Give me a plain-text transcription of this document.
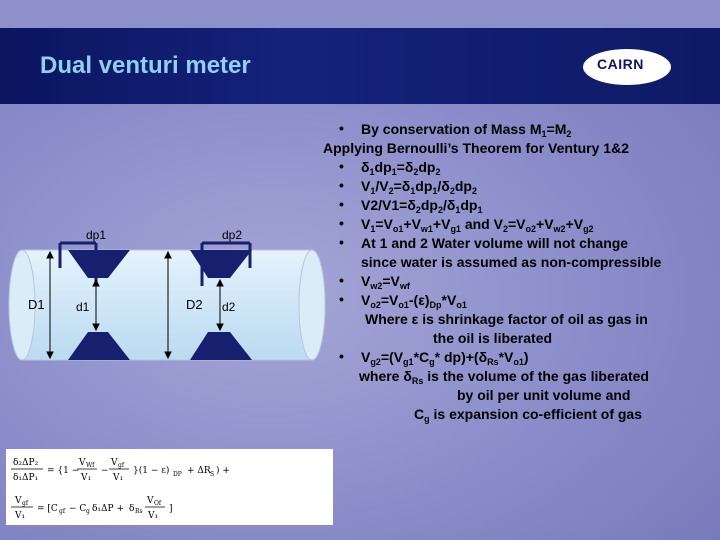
Dual venturi meter	CAIRN
dp1	dp2
D1	d1	D2 d2
δ₂ΔP₂
δ₁ΔP₁
= {1 −
V Wf
V₁
−
V gf
V₁
}(1 − ε) DP + ΔR S ) +
V gf
V₁
= [C gf − C g δ₁ΔP + δ Rs
V Of
V₁
]
• By conservation of Mass $M_1=M_2$
Applying Bernoulli’s Theorem for Ventury 1&2
• $\delta_1dp_1=\delta_2dp_2$
• $V_1/V_2=\delta_1dp_1/\delta_2dp_2$
• $V2/V1=\delta_2dp_2/\delta_1dp_1$
• $V_1=V_{o1}+V_{w1}+V_{g1}$ and $V_2=V_{o2}+V_{w2}+V_{g2}$
• At 1 and 2 Water volume will not change
since water is assumed as non-compressible
• $V_{w2}=V_{wf}$
• $V_{o2}=V_{o1}-(\varepsilon)_{Dp}*V_{o1}$
Where ε is shrinkage factor of oil as gas in
the oil is liberated
• $V_{g2}=(V_{g1}*C_g*$ $dp)+(\delta_{Rs}*V_{o1})$
where $\delta_{Rs}$ is the volume of the gas liberated
by oil per unit volume and
$C_g$ is expansion co-efficient of gas
